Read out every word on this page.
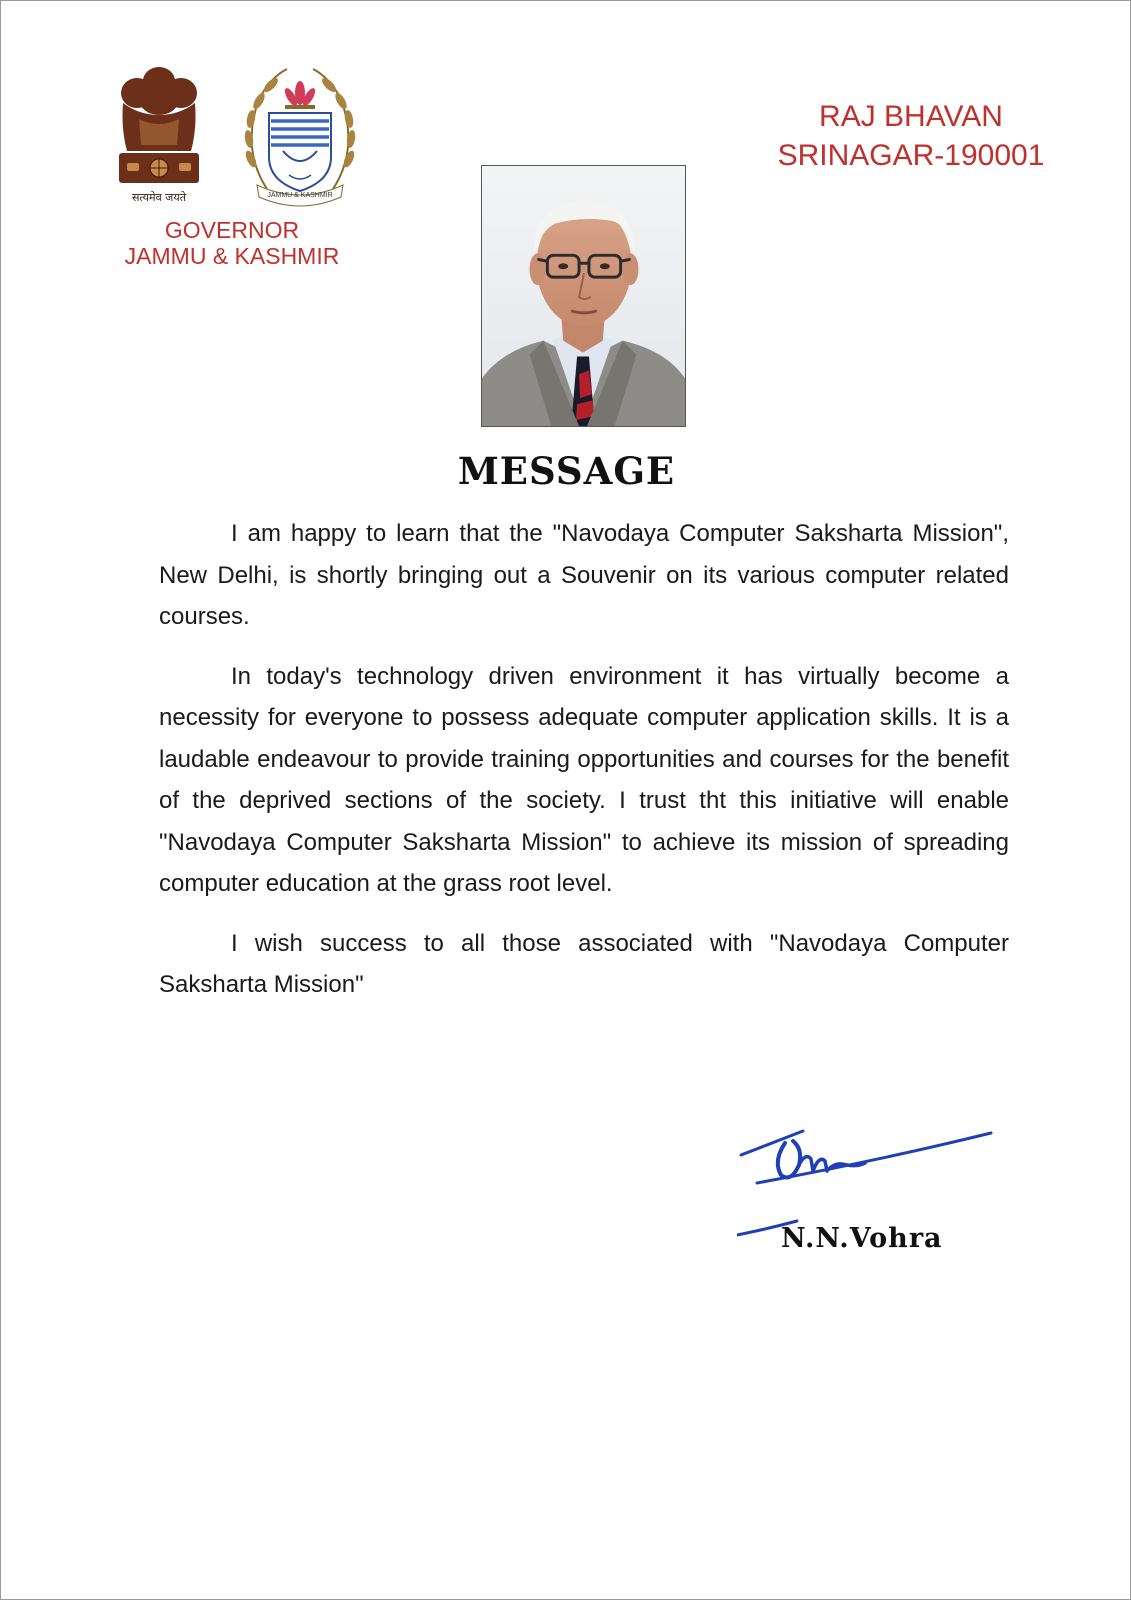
सत्यमेव जयते	JAMMU & KASHMIR
GOVERNOR
JAMMU & KASHMIR
RAJ BHAVAN
SRINAGAR-190001
MESSAGE

I am happy to learn that the "Navodaya Computer Saksharta Mission", New Delhi, is shortly bringing out a Souvenir on its various computer related courses.

In today's technology driven environment it has virtually become a necessity for everyone to possess adequate computer application skills. It is a laudable endeavour to provide training opportunities and courses for the benefit of the deprived sections of the society. I trust tht this initiative will enable "Navodaya Computer Saksharta Mission" to achieve its mission of spreading computer education at the grass root level.

I wish success to all those associated with "Navodaya Computer Saksharta Mission"

N.N.Vohra
